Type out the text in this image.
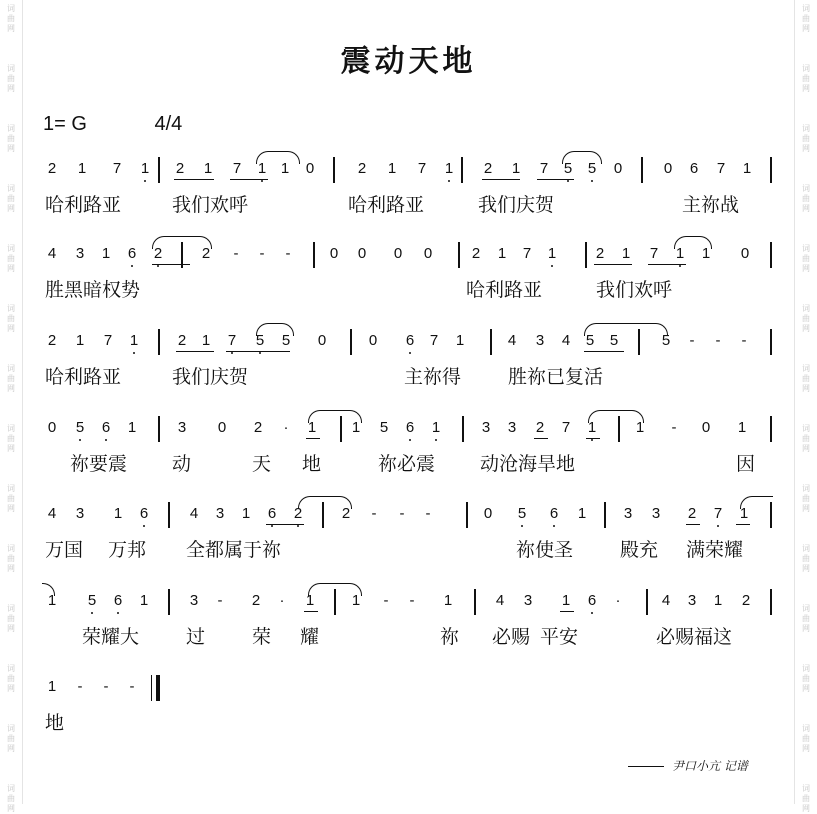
词
曲
网
词
曲
网
词
曲
网
词
曲
网
词
曲
网
词
曲
网
词
曲
网
词
曲
网
词
曲
网
词
曲
网
词
曲
网
词
曲
网
词
曲
网
词
曲
网
词
曲
网
词
曲
网
词
曲
网
词
曲
网
词
曲
网
词
曲
网
词
曲
网
词
曲
网
词
曲
网
词
曲
网
词
曲
网
词
曲
网
词
曲
网
词
曲
网
震动天地
1= G	4/4
2 1 7 1 2 1 7 1 1 0	2 1 7 1 2 1 7 5 5 0	0 6 7 1
哈利路亚	我们欢呼	哈利路亚	我们庆贺	主祢战
4 3 1 6 2	2 - - -	0 0 0 0	2 1 7 1	2 1 7 1 1 0
胜黑暗权势	哈利路亚	我们欢呼
2 1 7 1	2 1 7 5 5 0	0 6 7 1	4 3 4 5 5	5 - - -
哈利路亚	我们庆贺	主祢得 胜祢已复活
0 5 6 1	3 0 2 · 1 1 5 6 1	3 3 2 7 1	1 - 0 1
祢要震 动	天 地	祢必震 动沧海旱地	因
4 3 1 6	4 3 1 6 2	2 - - -	0 5 6 1	3 3 2 7 1
万国 万邦 全都属于祢	祢使圣 殿充 满荣耀
1 5 6 1	3 - 2 · 1	1 - - 1	4 3 1 6 ·	4 3 1 2
荣耀大 过 荣 耀	祢 必赐 平安	必赐福这
1 - - -
地
尹口小亢 记谱
